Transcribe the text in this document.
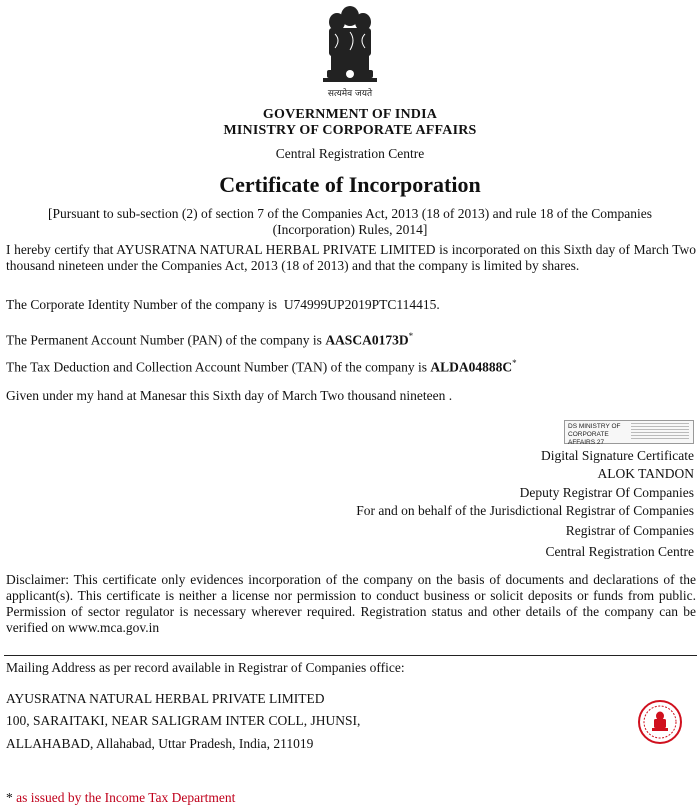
सत्यमेव जयते
GOVERNMENT OF INDIA
MINISTRY OF CORPORATE AFFAIRS
Central Registration Centre
Certificate of Incorporation
[Pursuant to sub-section (2) of section 7 of the Companies Act, 2013 (18 of 2013) and rule 18 of the Companies (Incorporation) Rules, 2014]
I hereby certify that AYUSRATNA NATURAL HERBAL PRIVATE LIMITED is incorporated on this Sixth day of March Two thousand nineteen under the Companies Act, 2013 (18 of 2013) and that the company is limited by shares.
The Corporate Identity Number of the company is U74999UP2019PTC114415.
The Permanent Account Number (PAN) of the company is AASCA0173D*
The Tax Deduction and Collection Account Number (TAN) of the company is ALDA04888C*
Given under my hand at Manesar this Sixth day of March Two thousand nineteen .
DS MINISTRY OF CORPORATE AFFAIRS 27
Digital Signature Certificate
ALOK TANDON
Deputy Registrar Of Companies
For and on behalf of the Jurisdictional Registrar of Companies
Registrar of Companies
Central Registration Centre
Disclaimer: This certificate only evidences incorporation of the company on the basis of documents and declarations of the applicant(s). This certificate is neither a license nor permission to conduct business or solicit deposits or funds from public. Permission of sector regulator is necessary wherever required. Registration status and other details of the company can be verified on www.mca.gov.in
Mailing Address as per record available in Registrar of Companies office:
AYUSRATNA NATURAL HERBAL PRIVATE LIMITED
100, SARAITAKI, NEAR SALIGRAM INTER COLL, JHUNSI,
ALLAHABAD, Allahabad, Uttar Pradesh, India, 211019
* as issued by the Income Tax Department
